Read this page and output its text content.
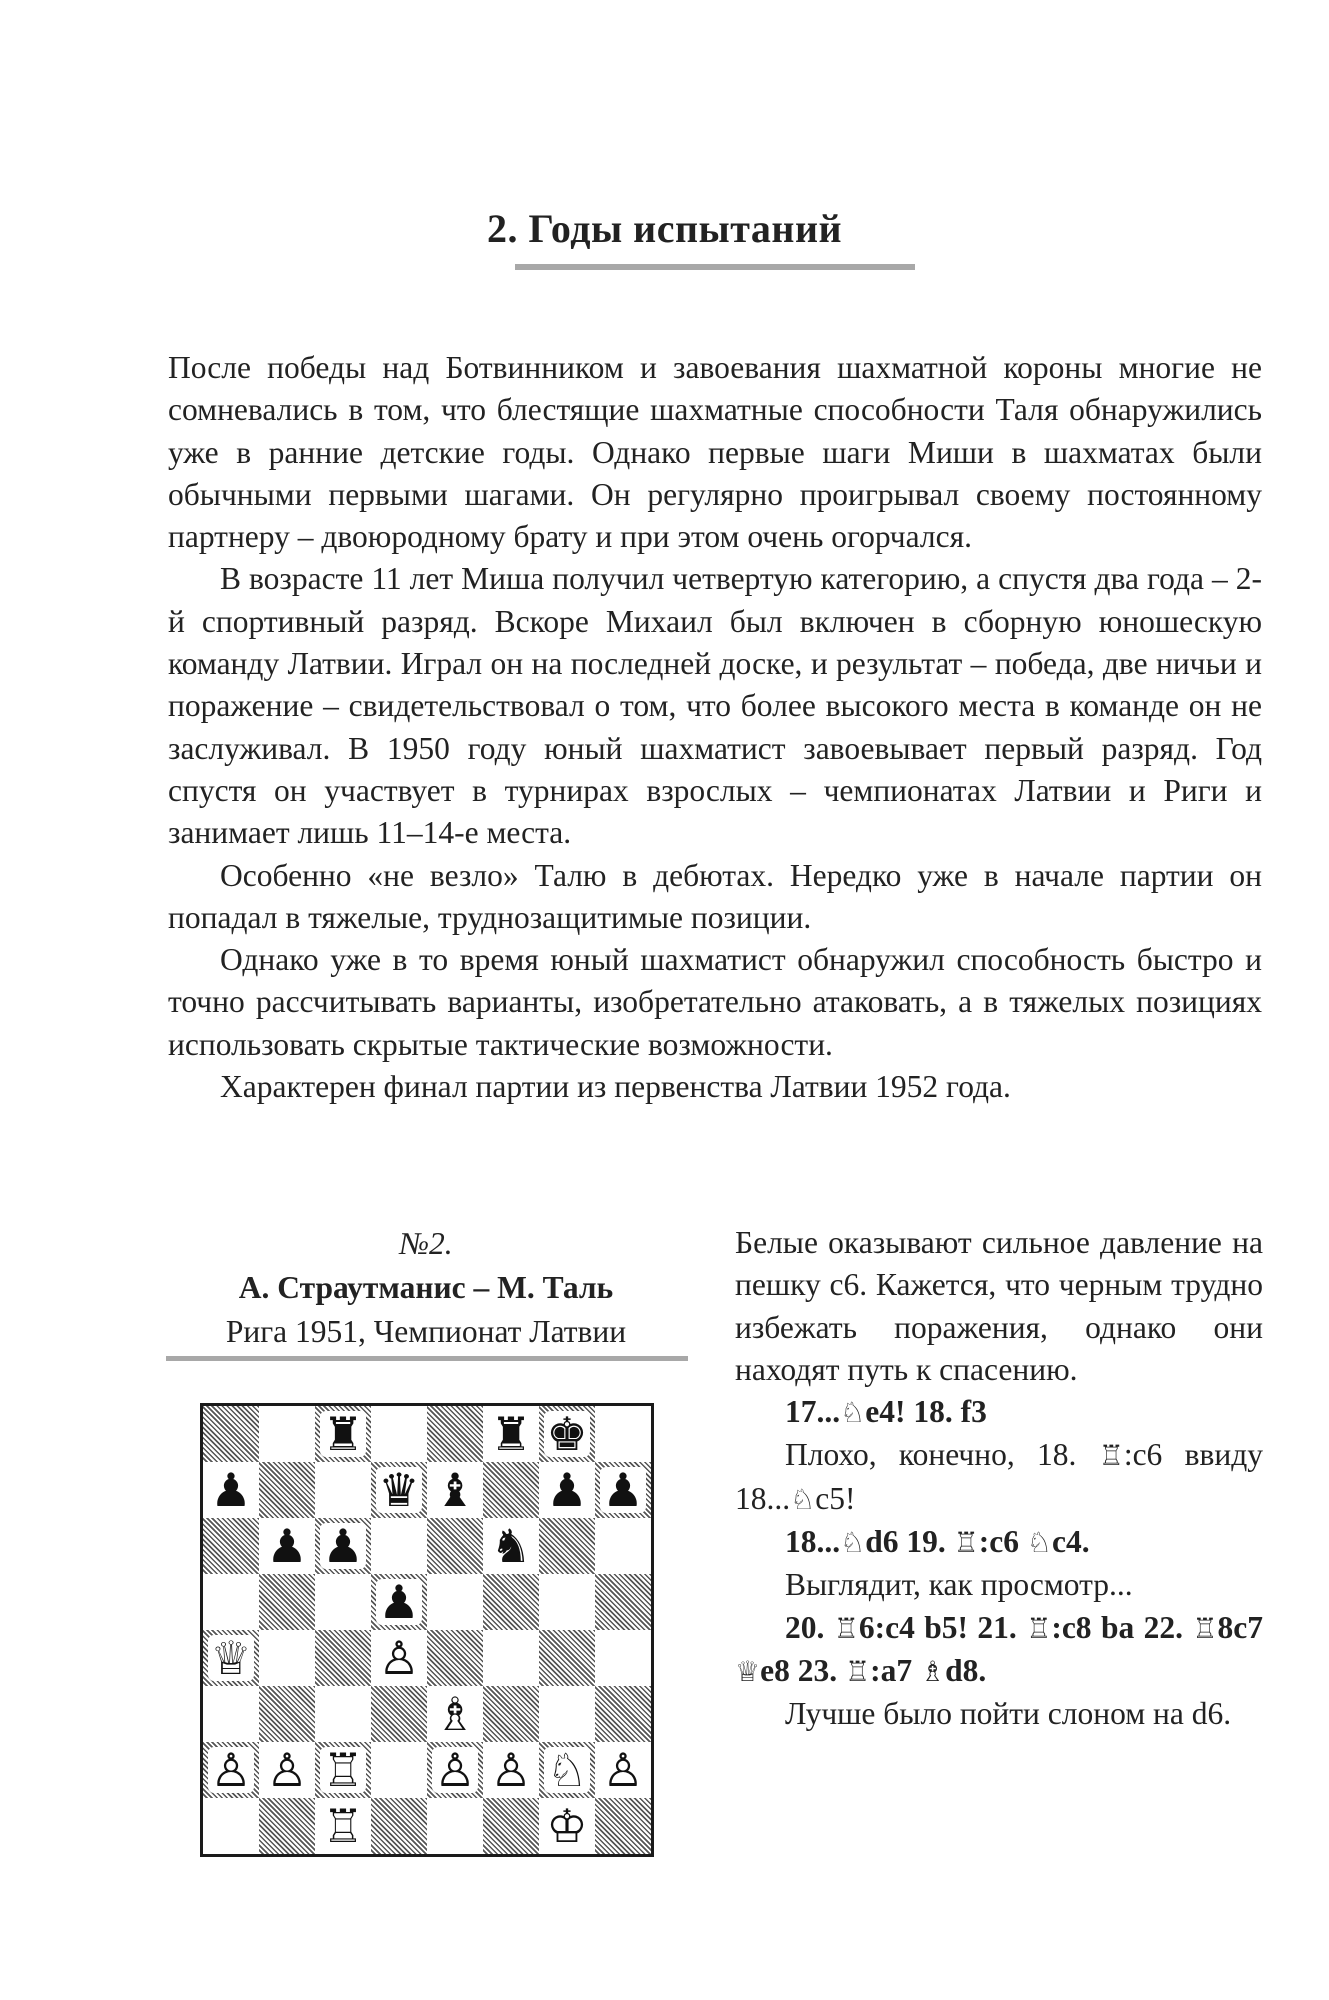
2. Годы испытаний

После победы над Ботвинником и завоевания шахматной короны многие не сомневались в том, что блестящие шахматные способности Таля обнаружились уже в ранние детские годы. Однако первые шаги Миши в шахматах были обычными первыми шагами. Он регулярно проигрывал своему постоянному партнеру – двоюродному брату и при этом очень огорчался.

В возрасте 11 лет Миша получил четвертую категорию, а спустя два года – 2-й спортивный разряд. Вскоре Михаил был включен в сборную юношескую команду Латвии. Играл он на последней доске, и результат – победа, две ничьи и поражение – свидетельствовал о том, что более высокого места в команде он не заслуживал. В 1950 году юный шахматист завоевывает первый разряд. Год спустя он участвует в турнирах взрослых – чемпионатах Латвии и Риги и занимает лишь 11–14-е места.

Особенно «не везло» Талю в дебютах. Нередко уже в начале партии он попадал в тяжелые, труднозащитимые позиции.

Однако уже в то время юный шахматист обнаружил способность быстро и точно рассчитывать варианты, изобретательно атаковать, а в тяжелых позициях использовать скрытые тактические возможности.

Характерен финал партии из первенства Латвии 1952 года.

№2.
А. Страутманис – М. Таль
Рига 1951, Чемпионат Латвии
♜	♜ ♚
♟	♛ ♝ ♟ ♟
♟ ♟	♞
♟
♕	♙
♗
♙ ♙ ♖ ♙ ♙ ♘ ♙
♖	♔

Белые оказывают сильное давление на пешку c6. Кажется, что черным трудно избежать поражения, однако они находят путь к спасению.

17...♘e4! 18. f3

Плохо, конечно, 18. ♖:c6 ввиду 18...♘c5!

18...♘d6 19. ♖:c6 ♘c4.

Выглядит, как просмотр...

20. ♖6:c4 b5! 21. ♖:c8 ba 22. ♖8c7 ♕e8 23. ♖:a7 ♗d8.

Лучше было пойти слоном на d6.
